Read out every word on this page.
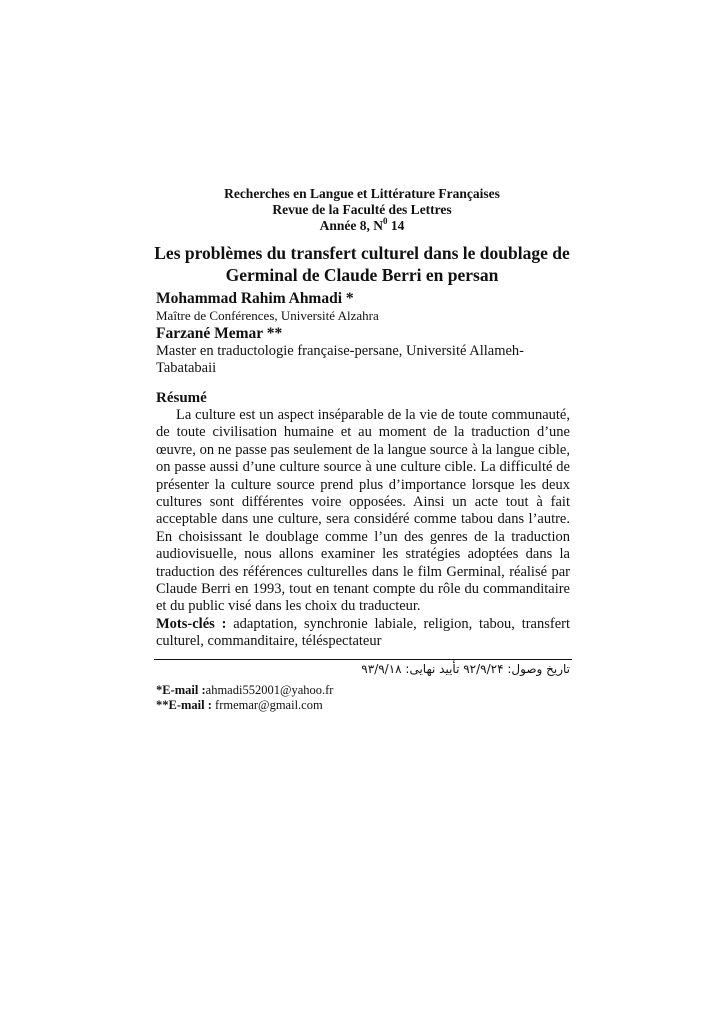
Recherches en Langue et Littérature Françaises
Revue de la Faculté des Lettres
Année 8, $N^0$ 14
Les problèmes du transfert culturel dans le doublage de
Germinal de Claude Berri en persan
Mohammad Rahim Ahmadi *
Maître de Conférences, Université Alzahra
Farzané Memar **
Master en traductologie française-persane, Université Allameh-
Tabatabaii
Résumé

La culture est un aspect inséparable de la vie de toute communauté, de toute civilisation humaine et au moment de la traduction d’une œuvre, on ne passe pas seulement de la langue source à la langue cible, on passe aussi d’une culture source à une culture cible. La difficulté de présenter la culture source prend plus d’importance lorsque les deux cultures sont différentes voire opposées. Ainsi un acte tout à fait acceptable dans une culture, sera considéré comme tabou dans l’autre. En choisissant le doublage comme l’un des genres de la traduction audiovisuelle, nous allons examiner les stratégies adoptées dans la traduction des références culturelles dans le film Germinal, réalisé par Claude Berri en 1993, tout en tenant compte du rôle du commanditaire et du public visé dans les choix du traducteur.

Mots-clés : adaptation, synchronie labiale, religion, tabou, transfert culturel, commanditaire, téléspectateur

تاریخ وصول: ۹۲/۹/۲۴ تأیید نهایی: ۹۳/۹/۱۸
*E-mail :ahmadi552001@yahoo.fr
**E-mail : frmemar@gmail.com
